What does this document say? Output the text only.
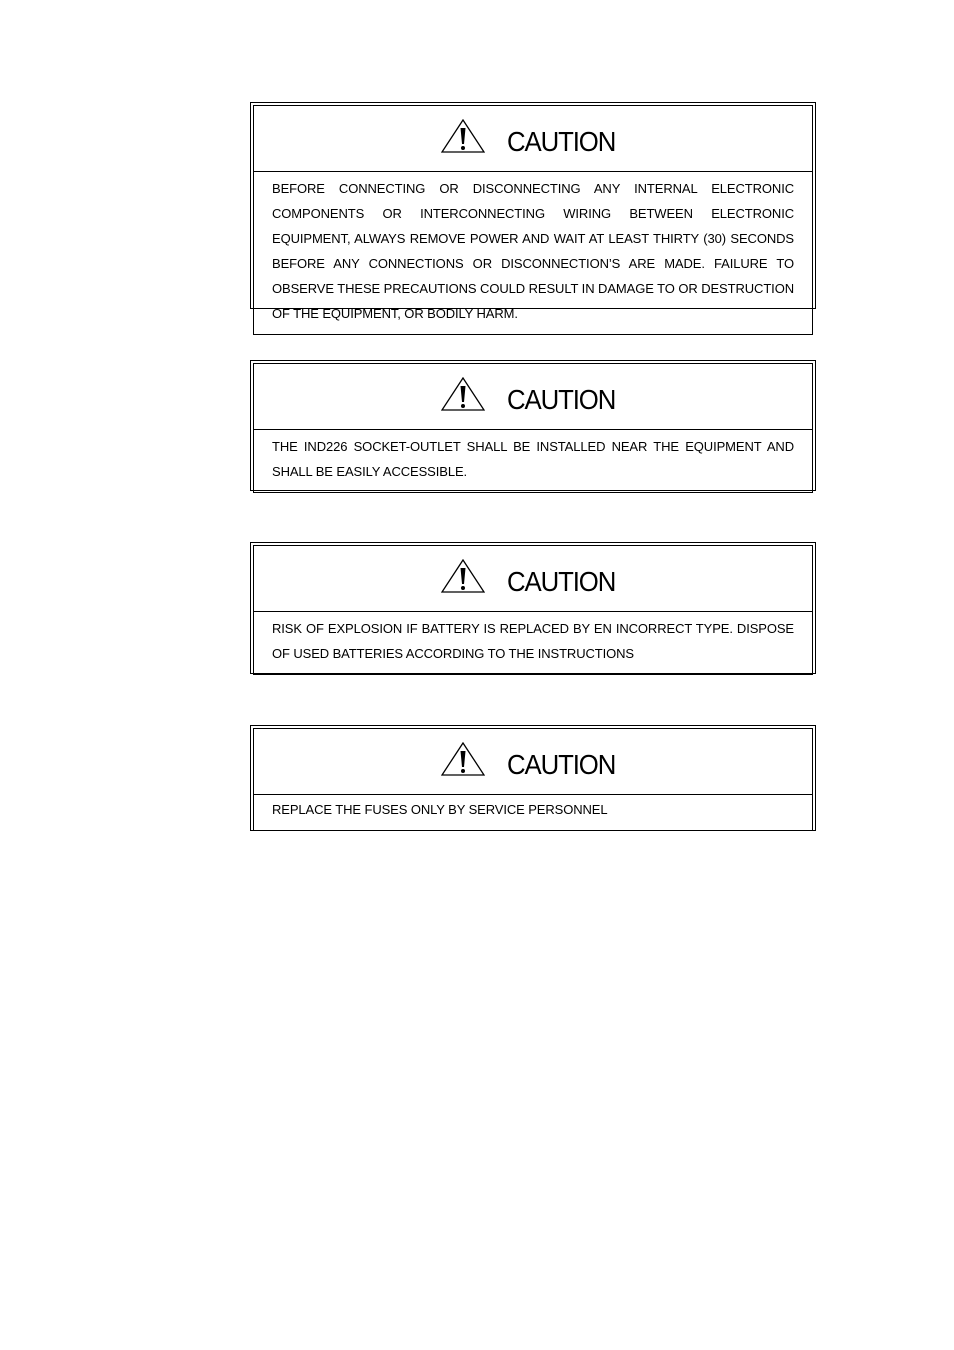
CAUTION
BEFORE CONNECTING OR DISCONNECTING ANY INTERNAL ELECTRONIC COMPONENTS OR INTERCONNECTING WIRING BETWEEN ELECTRONIC EQUIPMENT, ALWAYS REMOVE POWER AND WAIT AT LEAST THIRTY (30) SECONDS BEFORE ANY CONNECTIONS OR DISCONNECTION’S ARE MADE. FAILURE TO OBSERVE THESE PRECAUTIONS COULD RESULT IN DAMAGE TO OR DESTRUCTION OF THE EQUIPMENT, OR BODILY HARM.
CAUTION
THE IND226 SOCKET-OUTLET SHALL BE INSTALLED NEAR THE EQUIPMENT AND SHALL BE EASILY ACCESSIBLE.
CAUTION
RISK OF EXPLOSION IF BATTERY IS REPLACED BY EN INCORRECT TYPE. DISPOSE OF USED BATTERIES ACCORDING TO THE INSTRUCTIONS
CAUTION
REPLACE THE FUSES ONLY BY SERVICE PERSONNEL
